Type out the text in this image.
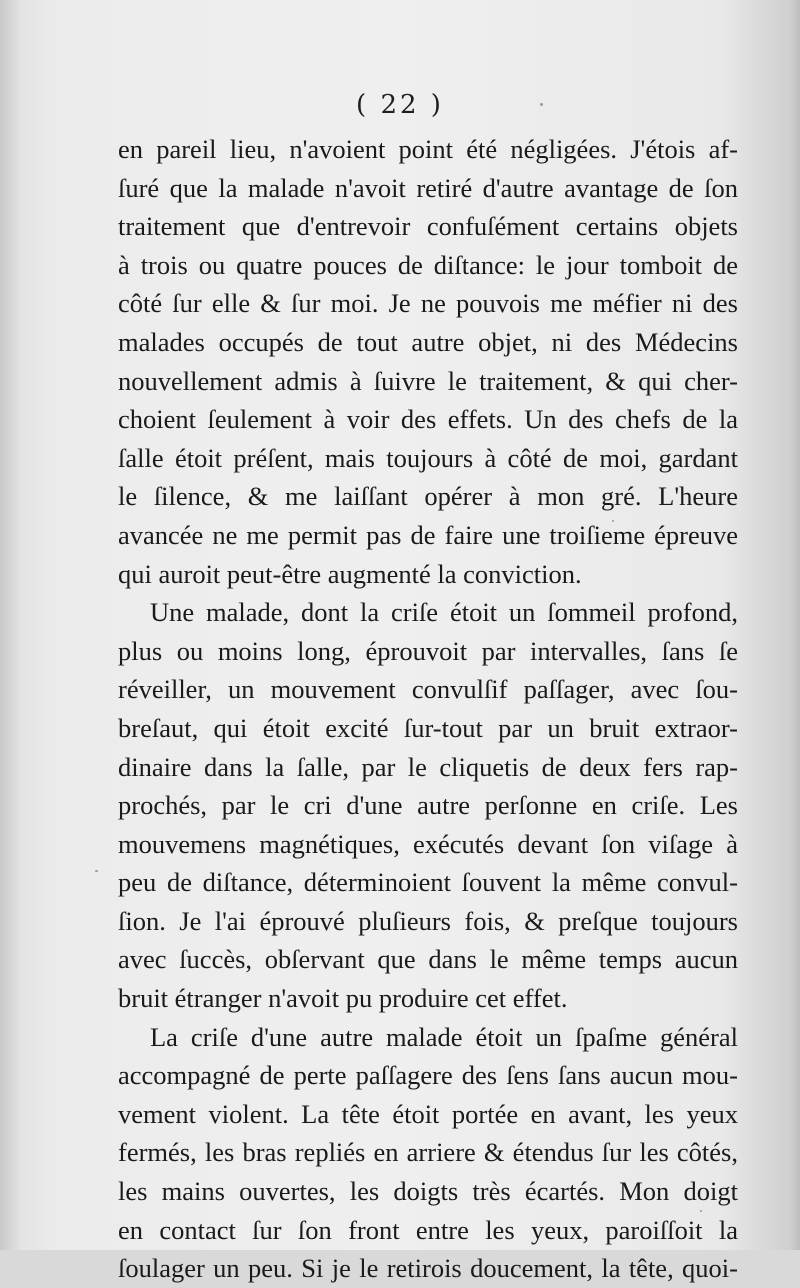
( 22 )
en pareil lieu, n'avoient point été négligées. J'étois af-
ſuré que la malade n'avoit retiré d'autre avantage de ſon
traitement que d'entrevoir confuſément certains objets
à trois ou quatre pouces de diſtance: le jour tomboit de
côté ſur elle & ſur moi. Je ne pouvois me méfier ni des
malades occupés de tout autre objet, ni des Médecins
nouvellement admis à ſuivre le traitement, & qui cher-
choient ſeulement à voir des effets. Un des chefs de la
ſalle étoit préſent, mais toujours à côté de moi, gardant
le ſilence, & me laiſſant opérer à mon gré. L'heure
avancée ne me permit pas de faire une troiſieme épreuve
qui auroit peut-être augmenté la conviction.
Une malade, dont la criſe étoit un ſommeil profond,
plus ou moins long, éprouvoit par intervalles, ſans ſe
réveiller, un mouvement convulſif paſſager, avec ſou-
breſaut, qui étoit excité ſur-tout par un bruit extraor-
dinaire dans la ſalle, par le cliquetis de deux fers rap-
prochés, par le cri d'une autre perſonne en criſe. Les
mouvemens magnétiques, exécutés devant ſon viſage à
peu de diſtance, déterminoient ſouvent la même convul-
ſion. Je l'ai éprouvé pluſieurs fois, & preſque toujours
avec ſuccès, obſervant que dans le même temps aucun
bruit étranger n'avoit pu produire cet effet.
La criſe d'une autre malade étoit un ſpaſme général
accompagné de perte paſſagere des ſens ſans aucun mou-
vement violent. La tête étoit portée en avant, les yeux
fermés, les bras repliés en arriere & étendus ſur les côtés,
les mains ouvertes, les doigts très écartés. Mon doigt
en contact ſur ſon front entre les yeux, paroiſſoit la
ſoulager un peu. Si je le retirois doucement, la tête, quoi-
